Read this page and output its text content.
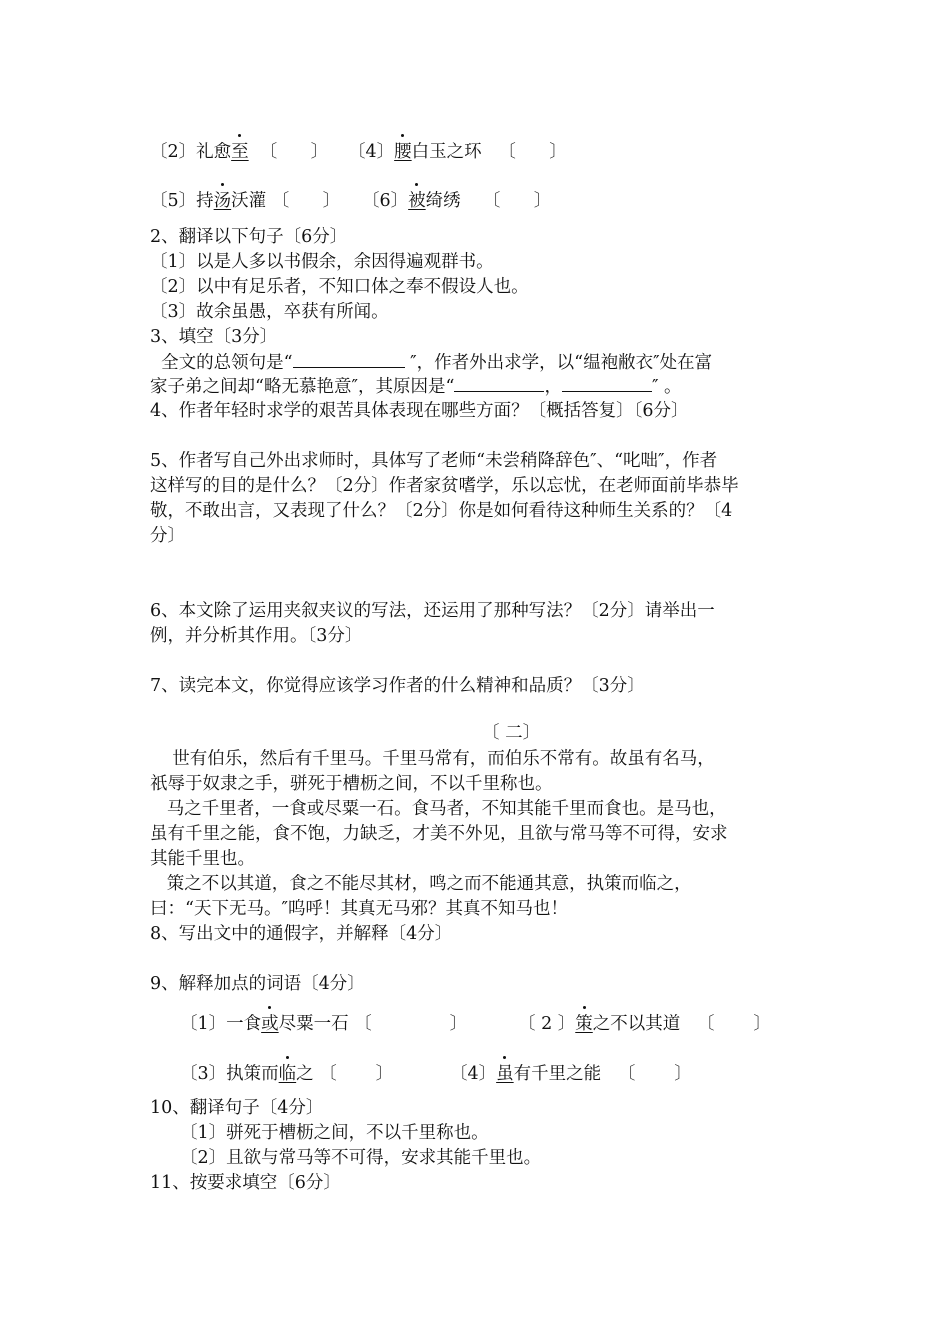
〔2〕礼愈至  〔      〕 〔4〕腰白玉之环   〔      〕
〔5〕持汤沃灌 〔      〕 〔6〕被绮绣    〔      〕
2、翻译以下句子〔6分〕
〔1〕以是人多以书假余，余因得遍观群书。
〔2〕以中有足乐者，不知口体之奉不假设人也。
〔3〕故余虽愚，卒获有所闻。
3、填空〔3分〕
全文的总领句是“	″，作者外出求学，以“缊袍敝衣″处在富
家子弟之间却“略无慕艳意″，其原因是“	，	″ 。
4、作者年轻时求学的艰苦具体表现在哪些方面？〔概括答复〕〔6分〕
5、作者写自己外出求师时，具体写了老师“未尝稍降辞色″、“叱咄″，作者
这样写的目的是什么？〔2分〕作者家贫嗜学，乐以忘忧，在老师面前毕恭毕
敬，不敢出言，又表现了什么？〔2分〕你是如何看待这种师生关系的？〔4
分〕
6、本文除了运用夹叙夹议的写法，还运用了那种写法？〔2分〕请举出一
例，并分析其作用。〔3分〕
7、读完本文，你觉得应该学习作者的什么精神和品质？〔3分〕
〔 二〕
世有伯乐，然后有千里马。千里马常有，而伯乐不常有。故虽有名马，
祇辱于奴隶之手，骈死于槽枥之间，不以千里称也。
马之千里者，一食或尽粟一石。食马者，不知其能千里而食也。是马也，
虽有千里之能，食不饱，力缺乏，才美不外见，且欲与常马等不可得，安求
其能千里也。
策之不以其道，食之不能尽其材，鸣之而不能通其意，执策而临之，
曰：“天下无马。″呜呼！其真无马邪？其真不知马也！
8、写出文中的通假字，并解释〔4分〕
9、解释加点的词语〔4分〕
〔1〕一食或尽粟一石 〔              〕	〔 2 〕策之不以其道   〔       〕
〔3〕执策而临之 〔       〕	〔4〕虽有千里之能   〔       〕
10、翻译句子〔4分〕
〔1〕骈死于槽枥之间，不以千里称也。
〔2〕且欲与常马等不可得，安求其能千里也。
11、按要求填空〔6分〕
